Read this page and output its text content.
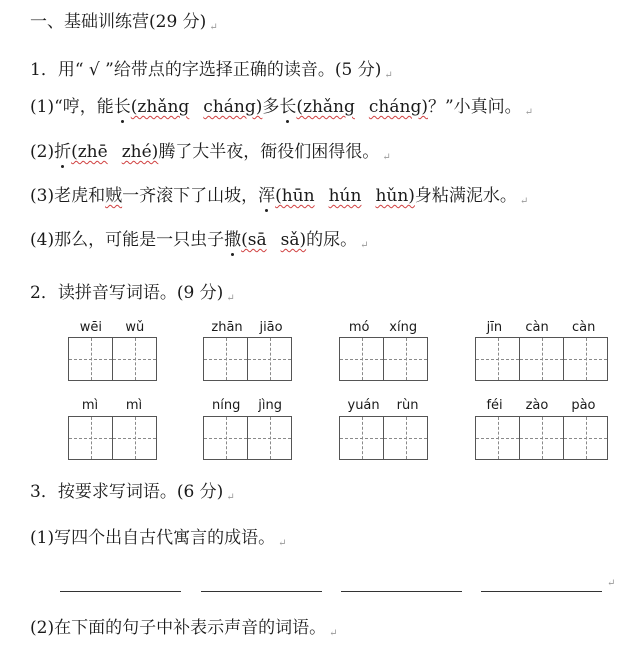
一、基础训练营(29 分) ↵
1．用“ √ ”给带点的字选择正确的读音。(5 分) ↵
(1)“哼，能长(zhǎng cháng)多长(zhǎng cháng)？”小真问。 ↵
(2)折(zhē zhé)腾了大半夜，衙役们困得很。 ↵
(3)老虎和贼一齐滚下了山坡，浑(hūn hún hǔn)身粘满泥水。 ↵
(4)那么，可能是一只虫子撒(sā sǎ)的尿。 ↵
2．读拼音写词语。(9 分) ↵
wēi wǔ	zhān jiāo	mó xíng	jīn càn càn
mì mì	níng jìng	yuán rùn	féi zào pào
3．按要求写词语。(6 分) ↵
(1)写四个出自古代寓言的成语。 ↵
↵
(2)在下面的句子中补表示声音的词语。 ↵
